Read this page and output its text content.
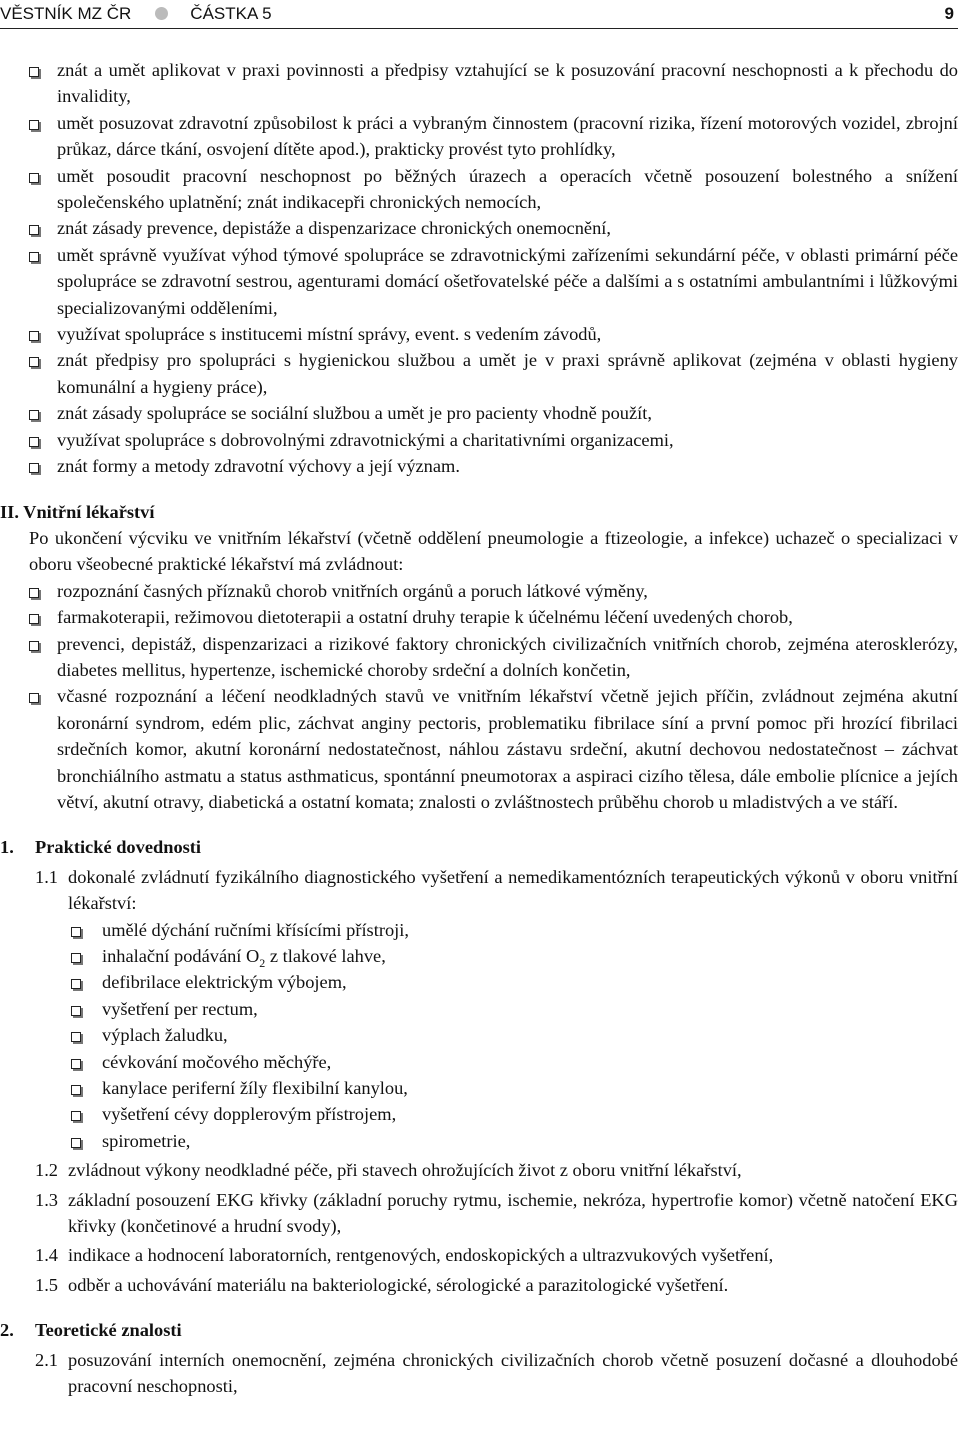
VĚSTNÍK MZ ČR	ČÁSTKA 5	9
znát a umět aplikovat v praxi povinnosti a předpisy vztahující se k posuzování pracovní neschopnosti a k přechodu do invalidity,
umět posuzovat zdravotní způsobilost k práci a vybraným činnostem (pracovní rizika, řízení motorových vozidel, zbrojní průkaz, dárce tkání, osvojení dítěte apod.), prakticky provést tyto prohlídky,
umět posoudit pracovní neschopnost po běžných úrazech a operacích včetně posouzení bolestného a snížení společenského uplatnění; znát indikacepři chronických nemocích,
znát zásady prevence, depistáže a dispenzarizace chronických onemocnění,
umět správně využívat výhod týmové spolupráce se zdravotnickými zařízeními sekundární péče, v oblasti primární péče spolupráce se zdravotní sestrou, agenturami domácí ošetřovatelské péče a dalšími a s ostatními ambulantními i lůžkovými specializovanými odděleními,
využívat spolupráce s institucemi místní správy, event. s vedením závodů,
znát předpisy pro spolupráci s hygienickou službou a umět je v praxi správně aplikovat (zejména v oblasti hygieny komunální a hygieny práce),
znát zásady spolupráce se sociální službou a umět je pro pacienty vhodně použít,
využívat spolupráce s dobrovolnými zdravotnickými a charitativními organizacemi,
znát formy a metody zdravotní výchovy a její význam.
II. Vnitřní lékařství
Po ukončení výcviku ve vnitřním lékařství (včetně oddělení pneumologie a ftizeologie, a infekce) uchazeč o specializaci v oboru všeobecné praktické lékařství má zvládnout:
rozpoznání časných příznaků chorob vnitřních orgánů a poruch látkové výměny,
farmakoterapii, režimovou dietoterapii a ostatní druhy terapie k účelnému léčení uvedených chorob,
prevenci, depistáž, dispenzarizaci a rizikové faktory chronických civilizačních vnitřních chorob, zejména aterosklerózy, diabetes mellitus, hypertenze, ischemické choroby srdeční a dolních končetin,
včasné rozpoznání a léčení neodkladných stavů ve vnitřním lékařství včetně jejich příčin, zvládnout zejména akutní koronární syndrom, edém plic, záchvat anginy pectoris, problematiku fibrilace síní a první pomoc při hrozící fibrilaci srdečních komor, akutní koronární nedostatečnost, náhlou zástavu srdeční, akutní dechovou nedostatečnost – záchvat bronchiálního astmatu a status asthmaticus, spontánní pneumotorax a aspiraci cizího tělesa, dále embolie plícnice a jejích větví, akutní otravy, diabetická a ostatní komata; znalosti o zvláštnostech průběhu chorob u mladistvých a ve stáří.
1. Praktické dovednosti
1.1 dokonalé zvládnutí fyzikálního diagnostického vyšetření a nemedikamentózních terapeutických výkonů v oboru vnitřní lékařství:
umělé dýchání ručními křísícími přístroji,
inhalační podávání $O_2$ z tlakové lahve,
defibrilace elektrickým výbojem,
vyšetření per rectum,
výplach žaludku,
cévkování močového měchýře,
kanylace periferní žíly flexibilní kanylou,
vyšetření cévy dopplerovým přístrojem,
spirometrie,
1.2 zvládnout výkony neodkladné péče, při stavech ohrožujících život z oboru vnitřní lékařství,
1.3 základní posouzení EKG křivky (základní poruchy rytmu, ischemie, nekróza, hypertrofie komor) včetně natočení EKG křivky (končetinové a hrudní svody),
1.4 indikace a hodnocení laboratorních, rentgenových, endoskopických a ultrazvukových vyšetření,
1.5 odběr a uchovávání materiálu na bakteriologické, sérologické a parazitologické vyšetření.
2. Teoretické znalosti
2.1 posuzování interních onemocnění, zejména chronických civilizačních chorob včetně posuzení dočasné a dlouhodobé pracovní neschopnosti,
